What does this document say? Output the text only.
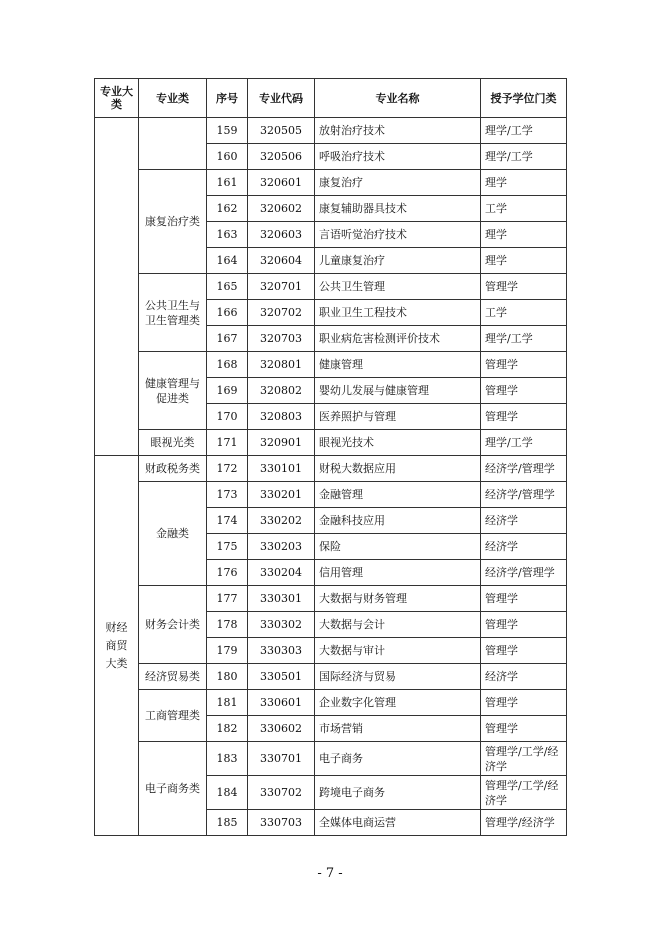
专业大类	专业类	序号	专业代码	专业名称	授予学位门类
		159	320505	放射治疗技术	理学/工学
		160	320506	呼吸治疗技术	理学/工学
	康复治疗类	161	320601	康复治疗	理学
		162	320602	康复辅助器具技术	工学
		163	320603	言语听觉治疗技术	理学
		164	320604	儿童康复治疗	理学
	公共卫生与卫生管理类	165	320701	公共卫生管理	管理学
		166	320702	职业卫生工程技术	工学
		167	320703	职业病危害检测评价技术	理学/工学
	健康管理与促进类	168	320801	健康管理	管理学
		169	320802	婴幼儿发展与健康管理	管理学
		170	320803	医养照护与管理	管理学
	眼视光类	171	320901	眼视光技术	理学/工学
财经商贸大类	财政税务类	172	330101	财税大数据应用	经济学/管理学
	金融类	173	330201	金融管理	经济学/管理学
		174	330202	金融科技应用	经济学
		175	330203	保险	经济学
		176	330204	信用管理	经济学/管理学
	财务会计类	177	330301	大数据与财务管理	管理学
		178	330302	大数据与会计	管理学
		179	330303	大数据与审计	管理学
	经济贸易类	180	330501	国际经济与贸易	经济学
	工商管理类	181	330601	企业数字化管理	管理学
		182	330602	市场营销	管理学
	电子商务类	183	330701	电子商务	管理学/工学/经济学
		184	330702	跨境电子商务	管理学/工学/经济学
		185	330703	全媒体电商运营	管理学/经济学
- 7 -
